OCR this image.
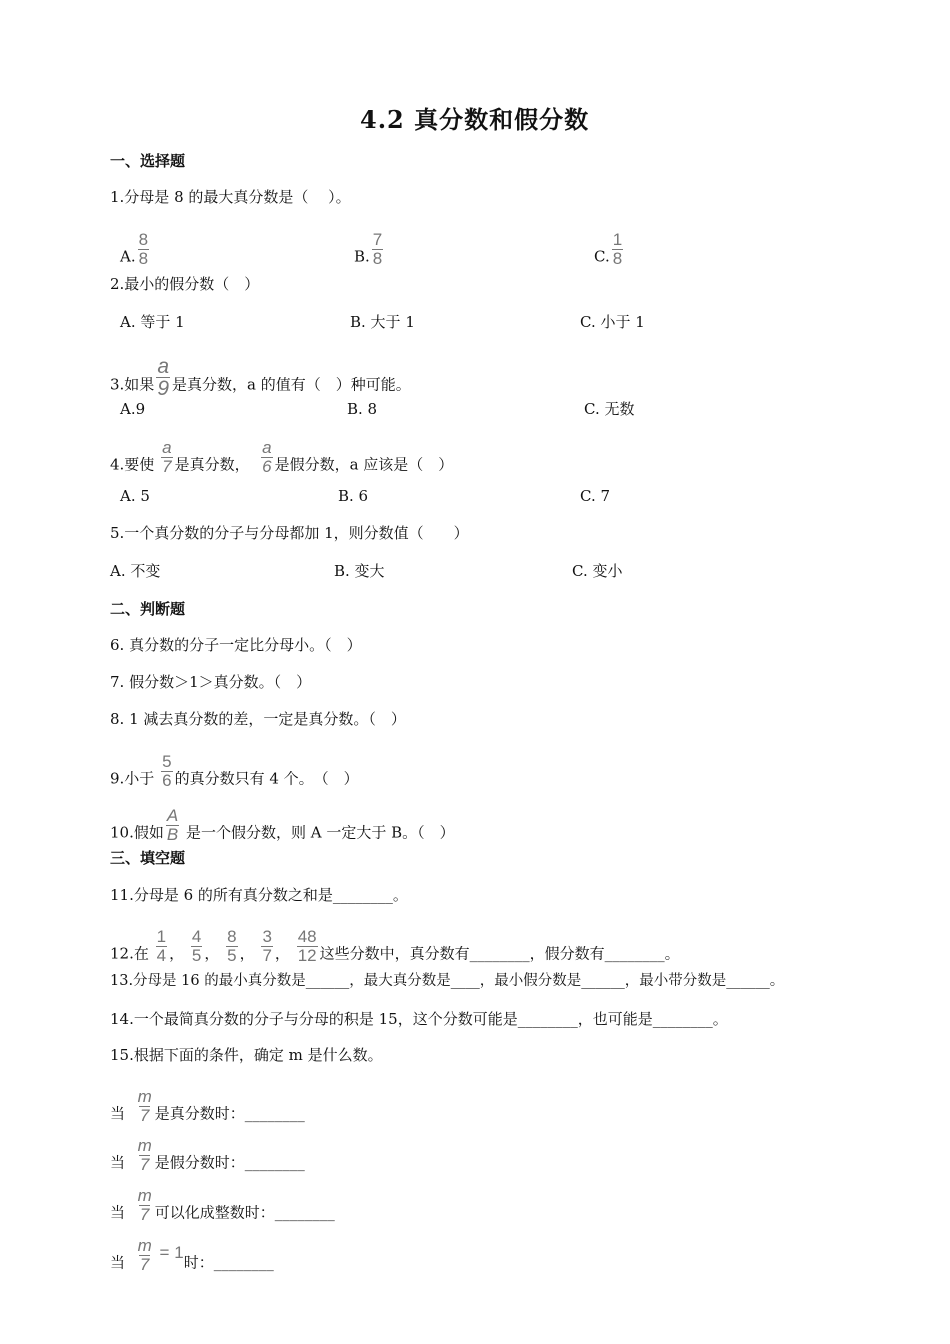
4.2 真分数和假分数
一、选择题
1.分母是 8 的最大真分数是（　 ）。
A. $\frac{8}{8}$	B. $\frac{7}{8}$	C. $\frac{1}{8}$
2.最小的假分数（　）
A. 等于 1	B. 大于 1	C. 小于 1
3.如果 $\frac{a}{9}$ 是真分数，a 的值有（　）种可能。
A.9	B. 8	C. 无数
4.要使 $\frac{a}{7}$ 是真分数， $\frac{a}{6}$ 是假分数，a 应该是（　）
A. 5	B. 6	C. 7
5.一个真分数的分子与分母都加 1，则分数值（　　）
A. 不变	B. 变大	C. 变小
二、判断题
6. 真分数的分子一定比分母小。（　）
7. 假分数＞1＞真分数。（　）
8. 1 减去真分数的差，一定是真分数。（　）
9.小于 $\frac{5}{6}$ 的真分数只有 4 个。　（　）
10.假如 $\frac{A}{B}$ 是一个假分数，则 A 一定大于 B。（　）
三、填空题
11.分母是 6 的所有真分数之和是________。
12.在 $\frac{1}{4}$ ， $\frac{4}{5}$ ， $\frac{8}{5}$ ， $\frac{3}{7}$ ， $\frac{48}{12}$ 这些分数中，真分数有________，假分数有________。
13.分母是 16 的最小真分数是______，最大真分数是____，最小假分数是______，最小带分数是______。
14.一个最简真分数的分子与分母的积是 15，这个分数可能是________，也可能是________。
15.根据下面的条件，确定 m 是什么数。
当 $\frac{m}{7}$ 是真分数时：________
当 $\frac{m}{7}$ 是假分数时：________
当 $\frac{m}{7}$ 可以化成整数时：________
当 $\frac{m}{7} = 1$时：________
